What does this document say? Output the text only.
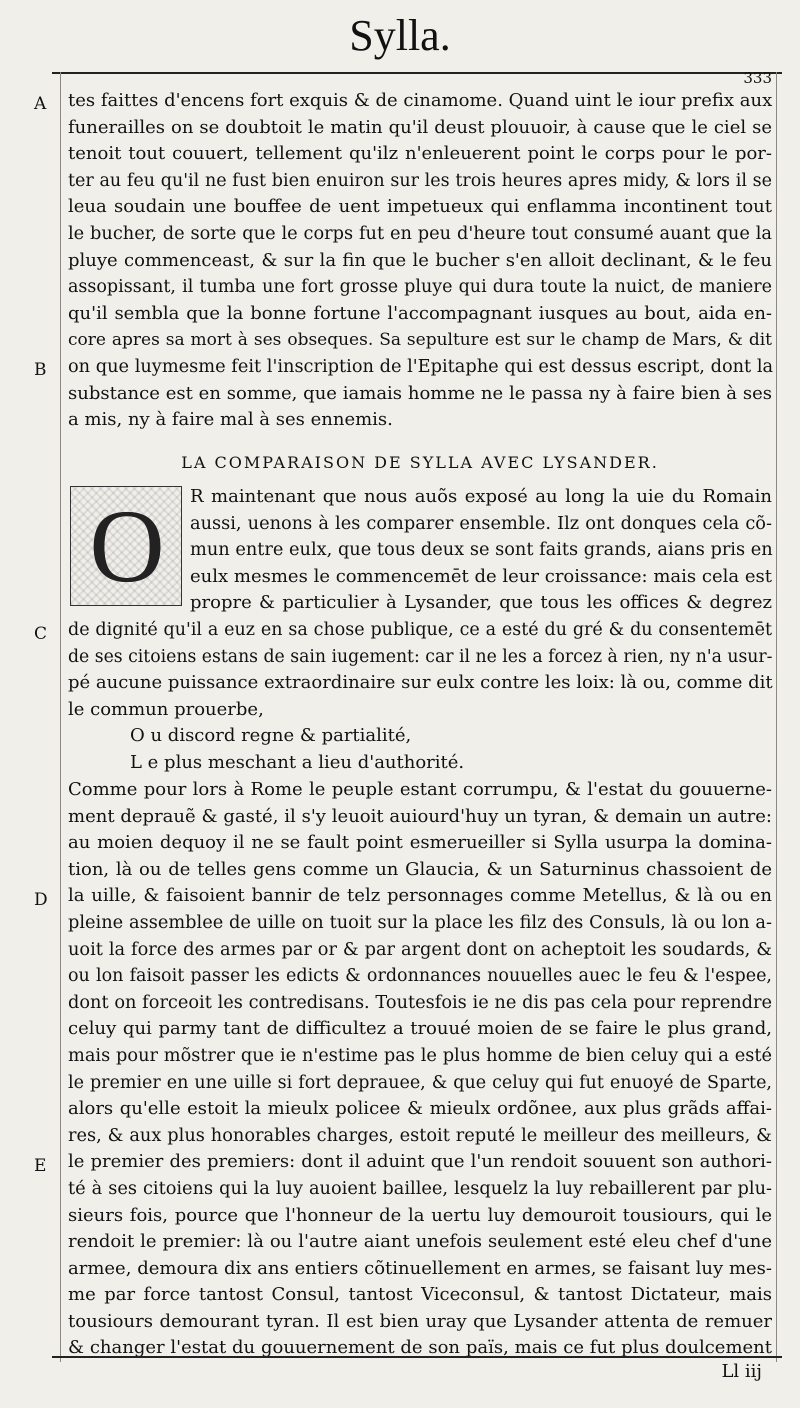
Sylla.
333
A
B
C
D
E
tes faittes d'encens fort exquis & de cinamome. Quand uint le iour prefix aux
funerailles on se doubtoit le matin qu'il deust plouuoir, à cause que le ciel se
tenoit tout couuert, tellement qu'ilz n'enleuerent point le corps pour le por-
ter au feu qu'il ne fust bien enuiron sur les trois heures apres midy, & lors il se
leua soudain une bouffee de uent impetueux qui enflamma incontinent tout
le bucher, de sorte que le corps fut en peu d'heure tout consumé auant que la
pluye commenceast, & sur la fin que le bucher s'en alloit declinant, & le feu
assopissant, il tumba une fort grosse pluye qui dura toute la nuict, de maniere
qu'il sembla que la bonne fortune l'accompagnant iusques au bout, aida en-
core apres sa mort à ses obseques. Sa sepulture est sur le champ de Mars, & dit
on que luymesme feit l'inscription de l'Epitaphe qui est dessus escript, dont la
substance est en somme, que iamais homme ne le passa ny à faire bien à ses
a mis, ny à faire mal à ses ennemis.
LA COMPARAISON DE SYLLA AVEC LYSANDER.
O	R maintenant que nous auõs exposé au long la uie du Romain
aussi, uenons à les comparer ensemble. Ilz ont donques cela cõ-
mun entre eulx, que tous deux se sont faits grands, aians pris en
eulx mesmes le commencemēt de leur croissance: mais cela est
propre & particulier à Lysander, que tous les offices & degrez
de dignité qu'il a euz en sa chose publique, ce a esté du gré & du consentemēt
de ses citoiens estans de sain iugement: car il ne les a forcez à rien, ny n'a usur-
pé aucune puissance extraordinaire sur eulx contre les loix: là ou, comme dit
le commun prouerbe,
O u discord regne & partialité,
L e plus meschant a lieu d'authorité.
Comme pour lors à Rome le peuple estant corrumpu, & l'estat du gouuerne-
ment deprauẽ & gasté, il s'y leuoit auiourd'huy un tyran, & demain un autre:
au moien dequoy il ne se fault point esmerueiller si Sylla usurpa la domina-
tion, là ou de telles gens comme un Glaucia, & un Saturninus chassoient de
la uille, & faisoient bannir de telz personnages comme Metellus, & là ou en
pleine assemblee de uille on tuoit sur la place les filz des Consuls, là ou lon a-
uoit la force des armes par or & par argent dont on acheptoit les soudards, &
ou lon faisoit passer les edicts & ordonnances nouuelles auec le feu & l'espee,
dont on forceoit les contredisans. Toutesfois ie ne dis pas cela pour reprendre
celuy qui parmy tant de difficultez a trouué moien de se faire le plus grand,
mais pour mõstrer que ie n'estime pas le plus homme de bien celuy qui a esté
le premier en une uille si fort deprauee, & que celuy qui fut enuoyé de Sparte,
alors qu'elle estoit la mieulx policee & mieulx ordõnee, aux plus grãds affai-
res, & aux plus honorables charges, estoit reputé le meilleur des meilleurs, &
le premier des premiers: dont il aduint que l'un rendoit souuent son authori-
té à ses citoiens qui la luy auoient baillee, lesquelz la luy rebaillerent par plu-
sieurs fois, pource que l'honneur de la uertu luy demouroit tousiours, qui le
rendoit le premier: là ou l'autre aiant unefois seulement esté eleu chef d'une
armee, demoura dix ans entiers cõtinuellement en armes, se faisant luy mes-
me par force tantost Consul, tantost Viceconsul, & tantost Dictateur, mais
tousiours demourant tyran. Il est bien uray que Lysander attenta de remuer
& changer l'estat du gouuernement de son païs, mais ce fut plus doulcement
Ll iij
